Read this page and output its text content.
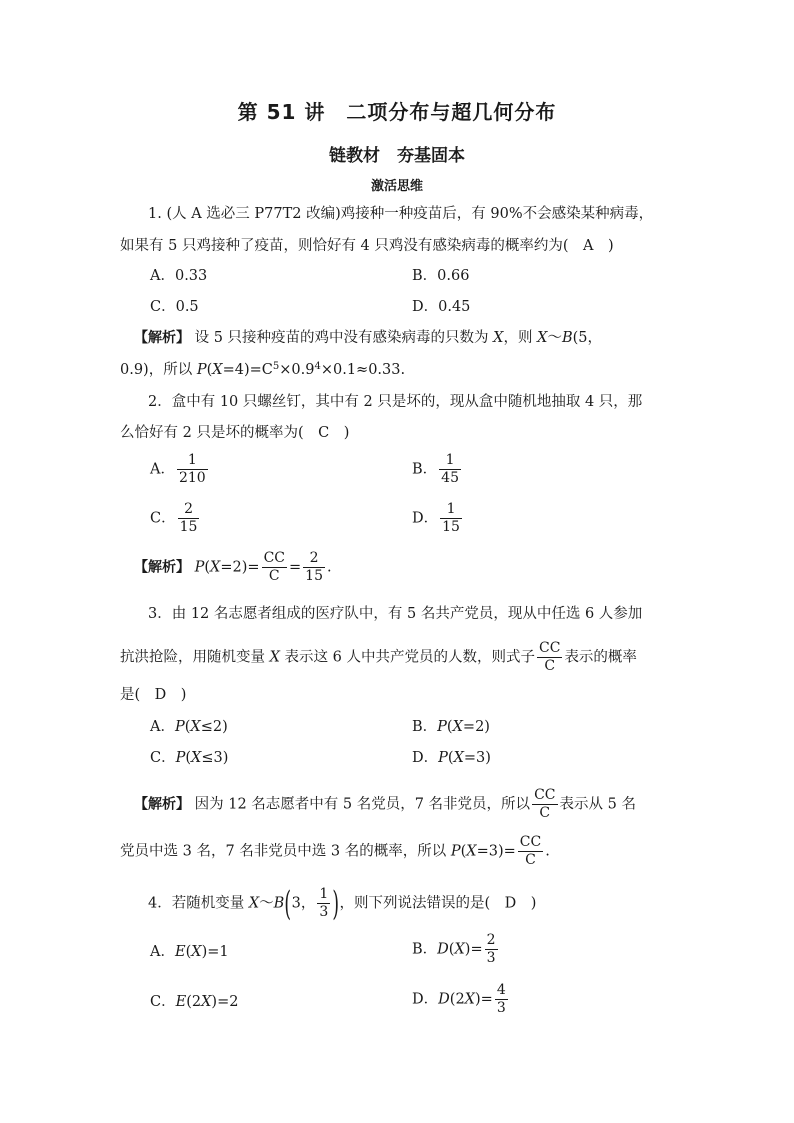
第 51 讲　二项分布与超几何分布
链教材　夯基固本
激活思维
1. (人 A 选必三 P77T2 改编)鸡接种一种疫苗后，有 90%不会感染某种病毒，
如果有 5 只鸡接种了疫苗，则恰好有 4 只鸡没有感染病毒的概率约为(　A　)
A．0.33	B．0.66
C．0.5	D．0.45
【解析】 设 5 只接种疫苗的鸡中没有感染病毒的只数为 X，则 X～B(5，
0.9)，所以 $P(X=4)=C^5\times 0.9^4\times 0.1\approx 0.33$.
2．盒中有 10 只螺丝钉，其中有 2 只是坏的，现从盒中随机地抽取 4 只，那
么恰好有 2 只是坏的概率为(　C　)
A． $\frac{1}{210}$	B． $\frac{1}{45}$
C． $\frac{2}{15}$	D． $\frac{1}{15}$
【解析】 $P(X=2)= \frac{CC}{C} = \frac{2}{15}$ .
3．由 12 名志愿者组成的医疗队中，有 5 名共产党员，现从中任选 6 人参加
抗洪抢险，用随机变量 X 表示这 6 人中共产党员的人数，则式子 $\frac{CC}{C}$ 表示的概率
是(　D　)
A．P(X≤2)	B．P(X=2)
C．P(X≤3)	D．P(X=3)
【解析】 因为 12 名志愿者中有 5 名党员，7 名非党员，所以 $\frac{CC}{C}$ 表示从 5 名
党员中选 3 名，7 名非党员中选 3 名的概率，所以 $P(X=3)= \frac{CC}{C}$ .
4．若随机变量 X～B(3， $\frac{1}{3}$ )，则下列说法错误的是(　D　)
A．E(X)=1	B．$D(X)= \frac{2}{3}$
C．E(2X)=2	D．$D(2X)= \frac{4}{3}$
